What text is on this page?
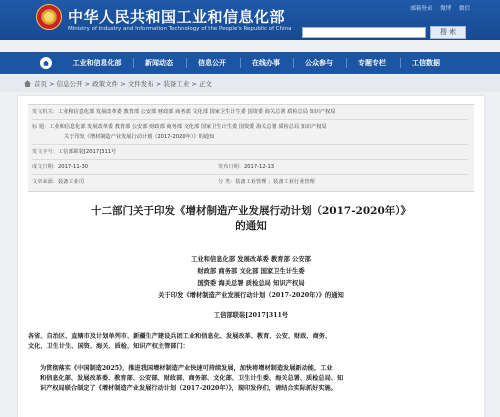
★ 中华人民共和国工业和信息化部
Ministry of Industry and Information Technology of the People's Republic of China
邮箱登录 微博 微信
搜 索
工业和信息化部	新闻动态	信息公开	在线办事	公众参与	专题专栏	工信数据
首页 > 信息公开 > 政策文件 > 文件发布 > 装备工业 > 正文
发文机关：工业和信息化部 发展改革委 教育部 公安部 财政部 商务部 文化部 国家卫生计生委 国资委 海关总署 质检总局 知识产权局
标 题：工业和信息化部 发展改革委 教育部 公安部 财政部 商务部 文化部 国家卫生计生委 国资委 海关总署 质检总局 知识产权局
关于印发《增材制造产业发展行动计划（2017-2020年）》的通知
发文字号：工信部联装[2017]311号
成文日期：2017-11-30	发布日期：2017-12-13
文章来源：装备工业司	分 类：装备工业管理 ；装备工业行业管理
十二部门关于印发《增材制造产业发展行动计划（2017-2020年）》
的通知
工业和信息化部 发展改革委 教育部 公安部
财政部 商务部 文化部 国家卫生计生委
国资委 海关总署 质检总局 知识产权局
关于印发《增材制造产业发展行动计划（2017-2020年）》的通知
工信部联装[2017]311号
各省、自治区、直辖市及计划单列市、新疆生产建设兵团工业和信息化、发展改革、教育、公安、财政、商务、
文化、卫生计生、国资、海关、质检、知识产权主管部门：
为贯彻落实《中国制造2025》，推进我国增材制造产业快速可持续发展，加快将增材制造发展新动能，工业
和信息化部、发展改革委、教育部、公安部、财政部、商务部、文化部、卫生计生委、海关总署、质检总局、知
识产权局联合制定了《增材制造产业发展行动计划（2017-2020年）》，现印发你们，请结合实际抓好实施。
